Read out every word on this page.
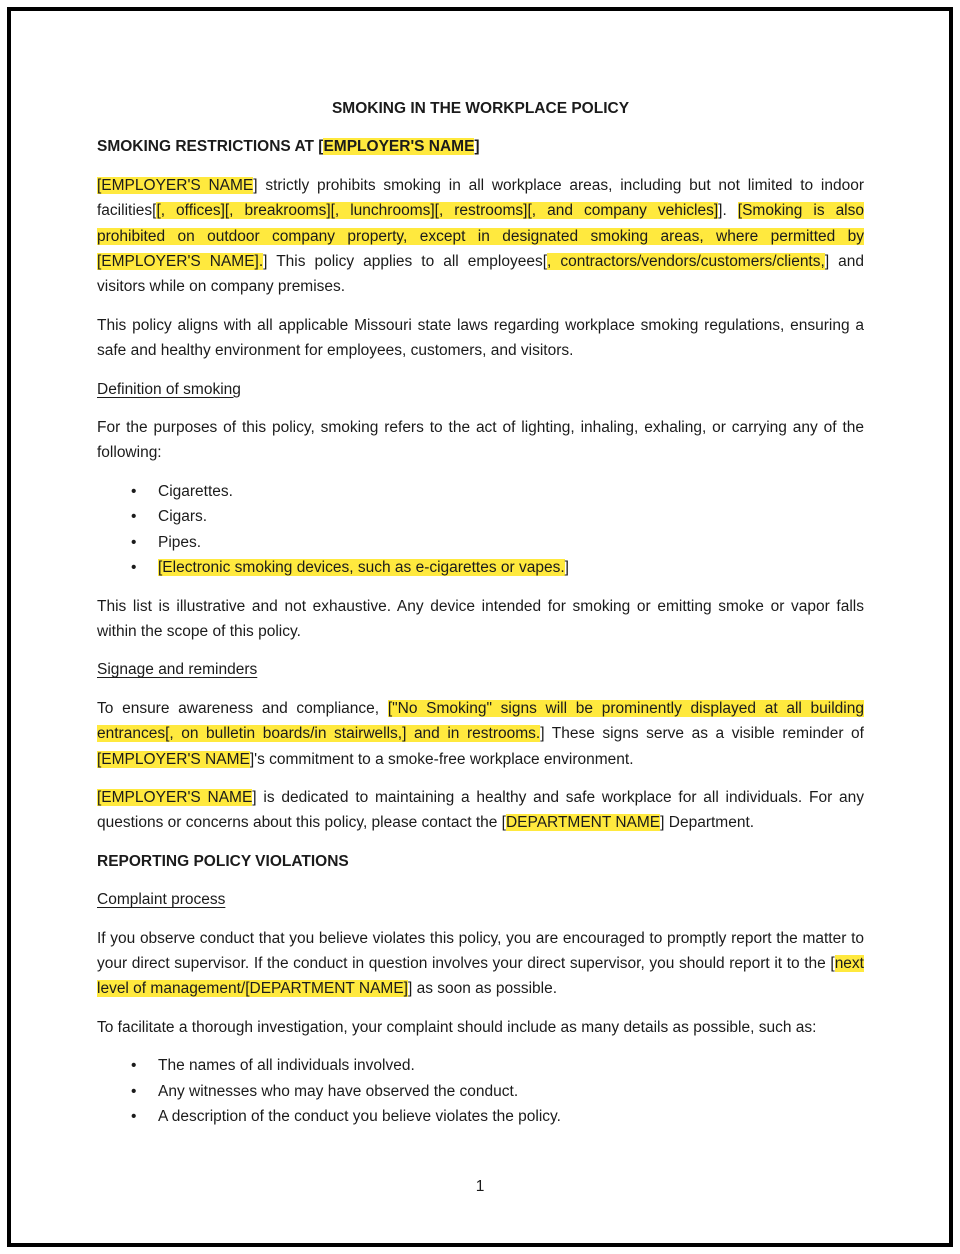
SMOKING IN THE WORKPLACE POLICY
SMOKING RESTRICTIONS AT [EMPLOYER'S NAME]

[EMPLOYER'S NAME] strictly prohibits smoking in all workplace areas, including but not limited to indoor facilities[[, offices][, breakrooms][, lunchrooms][, restrooms][, and company vehicles]]. [Smoking is also prohibited on outdoor company property, except in designated smoking areas, where permitted by [EMPLOYER'S NAME].] This policy applies to all employees[, contractors/vendors/customers/clients,] and visitors while on company premises.

This policy aligns with all applicable Missouri state laws regarding workplace smoking regulations, ensuring a safe and healthy environment for employees, customers, and visitors.

Definition of smoking

For the purposes of this policy, smoking refers to the act of lighting, inhaling, exhaling, or carrying any of the following:

• Cigarettes.
• Cigars.
• Pipes.
• [Electronic smoking devices, such as e-cigarettes or vapes.]

This list is illustrative and not exhaustive. Any device intended for smoking or emitting smoke or vapor falls within the scope of this policy.

Signage and reminders

To ensure awareness and compliance, ["No Smoking" signs will be prominently displayed at all building entrances[, on bulletin boards/in stairwells,] and in restrooms.] These signs serve as a visible reminder of [EMPLOYER'S NAME]'s commitment to a smoke-free workplace environment.

[EMPLOYER'S NAME] is dedicated to maintaining a healthy and safe workplace for all individuals. For any questions or concerns about this policy, please contact the [DEPARTMENT NAME] Department.

REPORTING POLICY VIOLATIONS
Complaint process

If you observe conduct that you believe violates this policy, you are encouraged to promptly report the matter to your direct supervisor. If the conduct in question involves your direct supervisor, you should report it to the [next level of management/[DEPARTMENT NAME]] as soon as possible.

To facilitate a thorough investigation, your complaint should include as many details as possible, such as:

• The names of all individuals involved.
• Any witnesses who may have observed the conduct.
• A description of the conduct you believe violates the policy.
1
